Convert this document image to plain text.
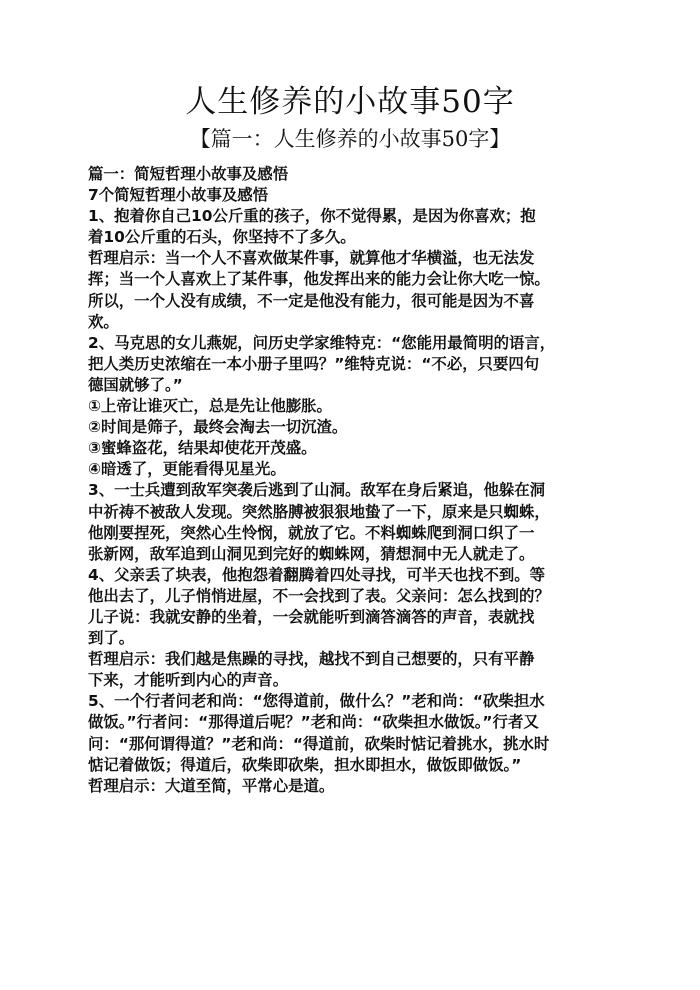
人生修养的小故事50字
【篇一：人生修养的小故事50字】
篇一：简短哲理小故事及感悟
7个简短哲理小故事及感悟
1、抱着你自己10公斤重的孩子，你不觉得累，是因为你喜欢；抱
着10公斤重的石头，你坚持不了多久。
哲理启示：当一个人不喜欢做某件事，就算他才华横溢，也无法发
挥；当一个人喜欢上了某件事，他发挥出来的能力会让你大吃一惊。
所以，一个人没有成绩，不一定是他没有能力，很可能是因为不喜
欢。
2、马克思的女儿燕妮，问历史学家维特克：“您能用最简明的语言，
把人类历史浓缩在一本小册子里吗？”维特克说：“不必，只要四句
德国就够了。”
①上帝让谁灭亡，总是先让他膨胀。
②时间是筛子，最终会淘去一切沉渣。
③蜜蜂盗花，结果却使花开茂盛。
④暗透了，更能看得见星光。
3、一士兵遭到敌军突袭后逃到了山洞。敌军在身后紧追，他躲在洞
中祈祷不被敌人发现。突然胳膊被狠狠地蛰了一下，原来是只蜘蛛，
他刚要捏死，突然心生怜悯，就放了它。不料蜘蛛爬到洞口织了一
张新网，敌军追到山洞见到完好的蜘蛛网，猜想洞中无人就走了。
4、父亲丢了块表，他抱怨着翻腾着四处寻找，可半天也找不到。等
他出去了，儿子悄悄进屋，不一会找到了表。父亲问：怎么找到的？
儿子说：我就安静的坐着，一会就能听到滴答滴答的声音，表就找
到了。
哲理启示：我们越是焦躁的寻找，越找不到自己想要的，只有平静
下来，才能听到内心的声音。
5、一个行者问老和尚：“您得道前，做什么？”老和尚：“砍柴担水
做饭。”行者问：“那得道后呢？”老和尚：“砍柴担水做饭。”行者又
问：“那何谓得道？”老和尚：“得道前，砍柴时惦记着挑水，挑水时
惦记着做饭；得道后，砍柴即砍柴，担水即担水，做饭即做饭。”
哲理启示：大道至简，平常心是道。
